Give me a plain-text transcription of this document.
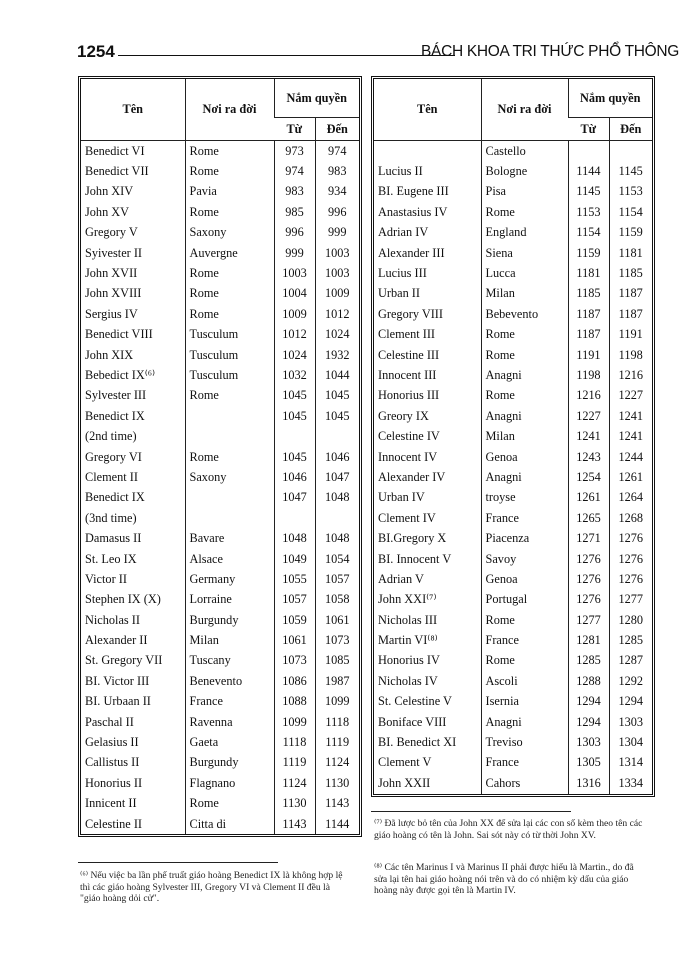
1254	BÁCH KHOA TRI THỨC PHỔ THÔNG
Tên	Nơi ra đời	Nắm quyền	
		Từ	Đến
Benedict VI	Rome	973	974
Benedict VII	Rome	974	983
John XIV	Pavia	983	934
John XV	Rome	985	996
Gregory V	Saxony	996	999
Syivester II	Auvergne	999	1003
John XVII	Rome	1003	1003
John XVIII	Rome	1004	1009
Sergius IV	Rome	1009	1012
Benedict VIII	Tusculum	1012	1024
John XIX	Tusculum	1024	1932
Bebedict IX⁽⁶⁾	Tusculum	1032	1044
Sylvester III	Rome	1045	1045
Benedict IX		1045	1045
(2nd time)			
Gregory VI	Rome	1045	1046
Clement II	Saxony	1046	1047
Benedict IX		1047	1048
(3nd time)			
Damasus II	Bavare	1048	1048
St. Leo IX	Alsace	1049	1054
Victor II	Germany	1055	1057
Stephen IX (X)	Lorraine	1057	1058
Nicholas II	Burgundy	1059	1061
Alexander II	Milan	1061	1073
St. Gregory VII	Tuscany	1073	1085
BI. Victor III	Benevento	1086	1987
BI. Urbaan II	France	1088	1099
Paschal II	Ravenna	1099	1118
Gelasius II	Gaeta	1118	1119
Callistus II	Burgundy	1119	1124
Honorius II	Flagnano	1124	1130
Innicent II	Rome	1130	1143
Celestine II	Citta di	1143	1144
Tên	Nơi ra đời	Nắm quyền	
		Từ	Đến
	Castello		
Lucius II	Bologne	1144	1145
BI. Eugene III	Pisa	1145	1153
Anastasius IV	Rome	1153	1154
Adrian IV	England	1154	1159
Alexander III	Siena	1159	1181
Lucius III	Lucca	1181	1185
Urban II	Milan	1185	1187
Gregory VIII	Bebevento	1187	1187
Clement III	Rome	1187	1191
Celestine III	Rome	1191	1198
Innocent III	Anagni	1198	1216
Honorius III	Rome	1216	1227
Greory IX	Anagni	1227	1241
Celestine IV	Milan	1241	1241
Innocent IV	Genoa	1243	1244
Alexander IV	Anagni	1254	1261
Urban IV	troyse	1261	1264
Clement IV	France	1265	1268
BI.Gregory X	Piacenza	1271	1276
BI. Innocent V	Savoy	1276	1276
Adrian V	Genoa	1276	1276
John XXI⁽⁷⁾	Portugal	1276	1277
Nicholas III	Rome	1277	1280
Martin VI⁽⁸⁾	France	1281	1285
Honorius IV	Rome	1285	1287
Nicholas IV	Ascoli	1288	1292
St. Celestine V	Isernia	1294	1294
Boniface VIII	Anagni	1294	1303
BI. Benedict XI	Treviso	1303	1304
Clement V	France	1305	1314
John XXII	Cahors	1316	1334
⁽⁶⁾ Nếu việc ba lần phế truất giáo hoàng Benedict IX là không hợp lệ thì các giáo hoàng Sylvester III, Gregory VI và Clement II đều là "giáo hoàng dỏi cử".
⁽⁷⁾ Đã lược bỏ tên của John XX để sửa lại các con số kèm theo tên các giáo hoàng có tên là John. Sai sót này có từ thời John XV.
⁽⁸⁾ Các tên Marinus I và Marinus II phải được hiểu là Martin., do đã sửa lại tên hai giáo hoàng nói trên và do có nhiệm kỳ dấu của giáo hoàng này được gọi tên là Martin IV.
